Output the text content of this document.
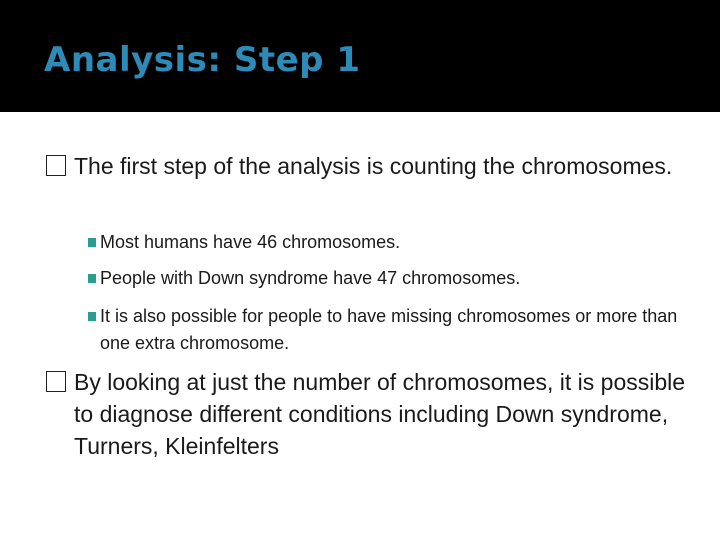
Analysis: Step 1
The first step of the analysis is counting the chromosomes.
Most humans have 46 chromosomes.
People with Down syndrome have 47 chromosomes.
It is also possible for people to have missing chromosomes or more than one extra chromosome.
By looking at just the number of chromosomes, it is possible to diagnose different conditions including Down syndrome, Turners, Kleinfelters
